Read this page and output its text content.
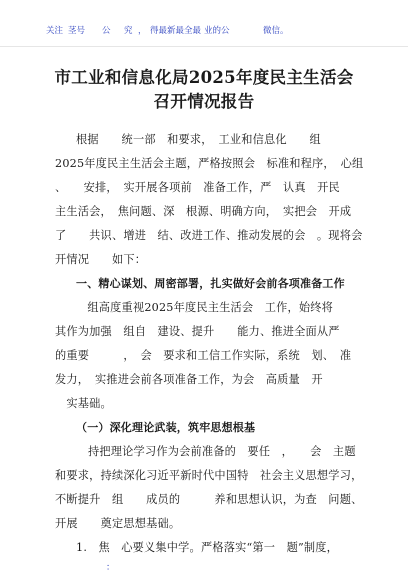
关注 茎号 公 究 ， 得最新最全最 业的公	微信。
市工业和信息化局2025年度民主生活会
召开情况报告
根据　　统一部　和要求，　工业和信息化　　组
2025年度民主生活会主题，严格按照会　标准和程序，　心组
、　　安排，　实开展各项前　准备工作，严　认真　开民
主生活会，　焦问题、深　根源、明确方向，　实把会　开成
了　　共识、增进　结、改进工作、推动发展的会　。现将会
开情况　　如下：
一、精心谋划、周密部署，扎实做好会前各项准备工作
　组高度重视2025年度民主生活会　工作，始终将
其作为加强　组自　建设、提升　　能力、推进全面从严
的重要　　　，　会　要求和工信工作实际，系统　划、　准
发力，　实推进会前各项准备工作，为会　高质量　开
　实基础。
（一）深化理论武装，筑牢思想根基
持把理论学习作为会前准备的　要任　，　　会　主题
和要求，持续深化习近平新时代中国特　社会主义思想学习，
不断提升　组　　成员的　　　养和思想认识，为查　问题、
开展　　奠定思想基础。
1.　焦　心要义集中学。严格落实“第一　题”制度，
：
